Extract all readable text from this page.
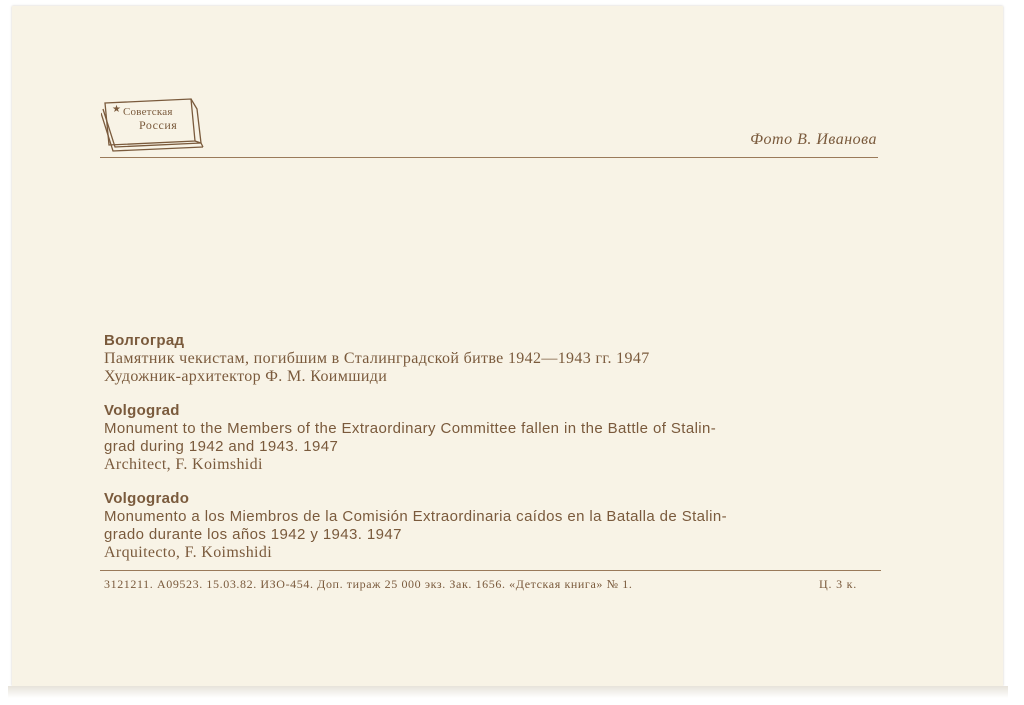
★ Советская
Россия
Фото В. Иванова
Волгоград
Памятник чекистам, погибшим в Сталинградской битве 1942—1943 гг. 1947
Художник-архитектор Ф. М. Коимшиди
Volgograd
Monument to the Members of the Extraordinary Committee fallen in the Battle of Stalin-
grad during 1942 and 1943. 1947
Architect, F. Koimshidi
Volgogrado
Monumento a los Miembros de la Comisión Extraordinaria caídos en la Batalla de Stalin-
grado durante los años 1942 y 1943. 1947
Arquitecto, F. Koimshidi
3121211. А09523. 15.03.82. ИЗО-454. Доп. тираж 25 000 экз. Зак. 1656. «Детская книга» № 1.	Ц. 3 к.
